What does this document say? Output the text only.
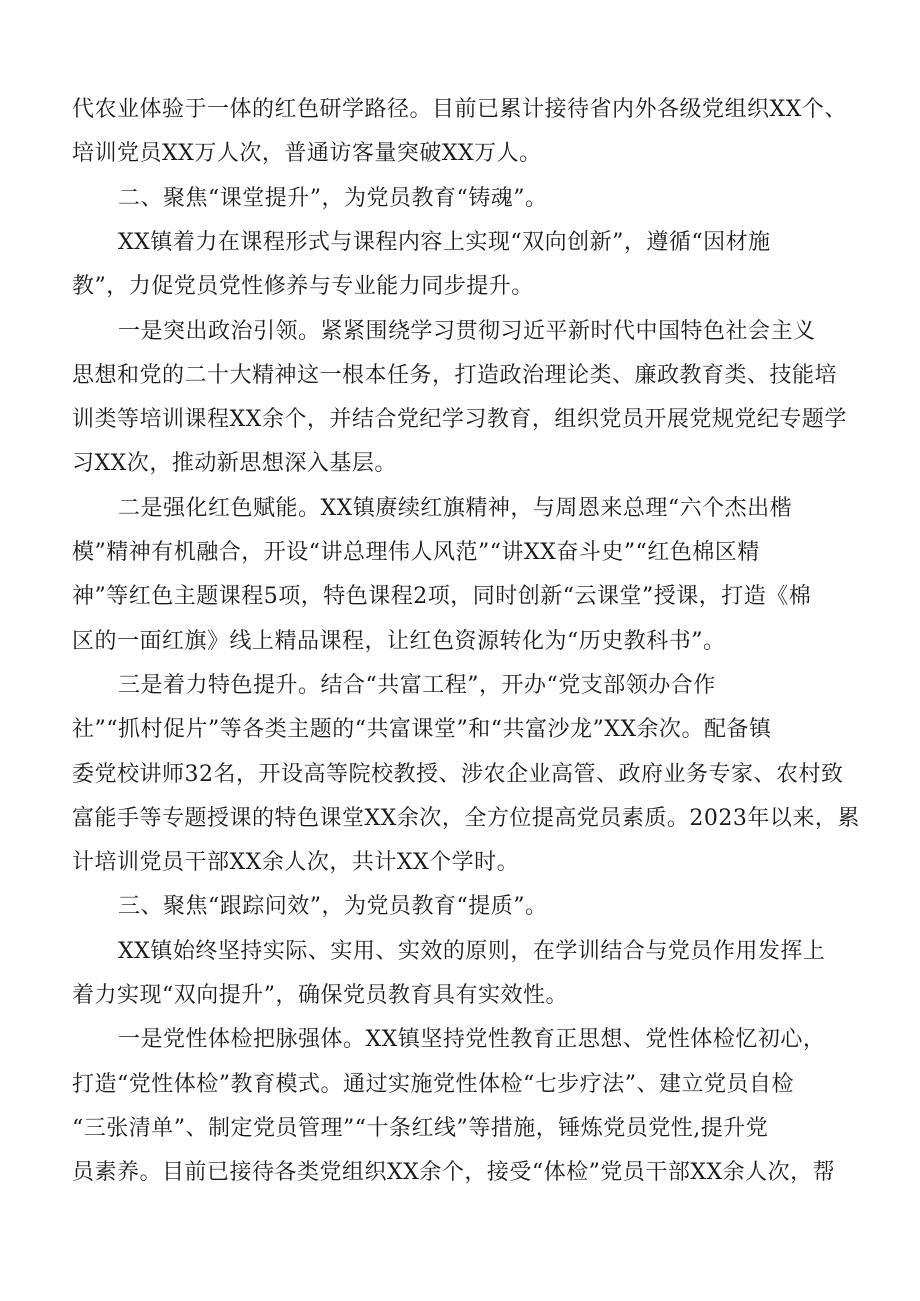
代农业体验于一体的红色研学路径。目前已累计接待省内外各级党组织XX个、
培训党员XX万人次，普通访客量突破XX万人。
二、聚焦“课堂提升”，为党员教育“铸魂”。
XX镇着力在课程形式与课程内容上实现“双向创新”，遵循“因材施
教”，力促党员党性修养与专业能力同步提升。
一是突出政治引领。紧紧围绕学习贯彻习近平新时代中国特色社会主义
思想和党的二十大精神这一根本任务，打造政治理论类、廉政教育类、技能培
训类等培训课程XX余个，并结合党纪学习教育，组织党员开展党规党纪专题学
习XX次，推动新思想深入基层。
二是强化红色赋能。XX镇赓续红旗精神，与周恩来总理“六个杰出楷
模”精神有机融合，开设“讲总理伟人风范”“讲XX奋斗史”“红色棉区精
神”等红色主题课程5项，特色课程2项，同时创新“云课堂”授课，打造《棉
区的一面红旗》线上精品课程，让红色资源转化为“历史教科书”。
三是着力特色提升。结合“共富工程”，开办“党支部领办合作
社”“抓村促片”等各类主题的“共富课堂”和“共富沙龙”XX余次。配备镇
委党校讲师32名，开设高等院校教授、涉农企业高管、政府业务专家、农村致
富能手等专题授课的特色课堂XX余次，全方位提高党员素质。2023年以来，累
计培训党员干部XX余人次，共计XX个学时。
三、聚焦“跟踪问效”，为党员教育“提质”。
XX镇始终坚持实际、实用、实效的原则，在学训结合与党员作用发挥上
着力实现“双向提升”，确保党员教育具有实效性。
一是党性体检把脉强体。XX镇坚持党性教育正思想、党性体检忆初心，
打造“党性体检”教育模式。通过实施党性体检“七步疗法”、建立党员自检
“三张清单”、制定党员管理”“十条红线”等措施，锤炼党员党性,提升党
员素养。目前已接待各类党组织XX余个，接受“体检”党员干部XX余人次，帮
